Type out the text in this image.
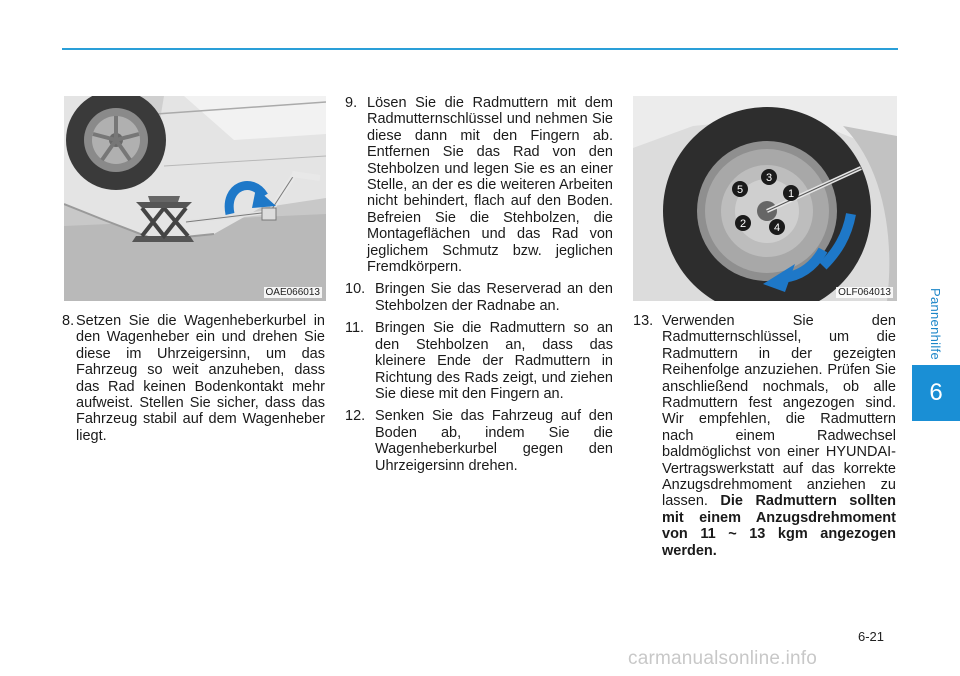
Pannenhilfe
6
OAE066013
1
2
3
4
5
OLF064013
8. Setzen Sie die Wagenheberkurbel in den Wagenheber ein und drehen Sie diese im Uhrzeigersinn, um das Fahrzeug so weit anzuheben, dass das Rad keinen Bodenkontakt mehr aufweist. Stellen Sie sicher, dass das Fahrzeug stabil auf dem Wagenheber liegt.
9. Lösen Sie die Radmuttern mit dem Radmutternschlüssel und nehmen Sie diese dann mit den Fingern ab. Entfernen Sie das Rad von den Stehbolzen und legen Sie es an einer Stelle, an der es die weiteren Arbeiten nicht behindert, flach auf den Boden. Befreien Sie die Stehbolzen, die Montageflächen und das Rad von jeglichem Schmutz bzw. jeglichen Fremdkörpern.
10. Bringen Sie das Reserverad an den Stehbolzen der Radnabe an.
11. Bringen Sie die Radmuttern so an den Stehbolzen an, dass das kleinere Ende der Radmuttern in Richtung des Rads zeigt, und ziehen Sie diese mit den Fingern an.
12. Senken Sie das Fahrzeug auf den Boden ab, indem Sie die Wagenheberkurbel gegen den Uhrzeigersinn drehen.
13. Verwenden Sie den Radmutternschlüssel, um die Radmuttern in der gezeigten Reihenfolge anzuziehen. Prüfen Sie anschließend nochmals, ob alle Radmuttern fest angezogen sind. Wir empfehlen, die Radmuttern nach einem Radwechsel baldmöglichst von einer HYUNDAI-Vertragswerkstatt auf das korrekte Anzugsdrehmoment anziehen zu lassen. Die Radmuttern sollten mit einem Anzugsdrehmoment von 11 ~ 13 kgm angezogen werden.
6-21
carmanualsonline.info
